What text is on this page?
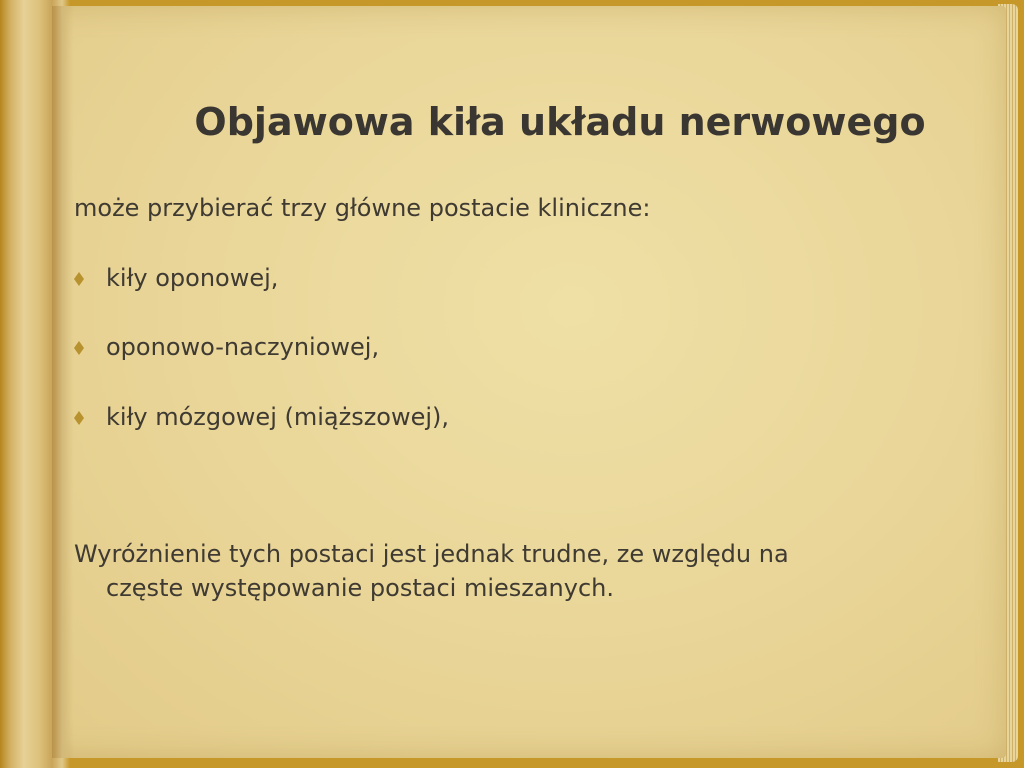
Objawowa kiła układu nerwowego
może przybierać trzy główne postacie kliniczne:
kiły oponowej,
oponowo-naczyniowej,
kiły mózgowej (miąższowej),
Wyróżnienie tych postaci jest jednak trudne, ze względu na
częste występowanie postaci mieszanych.
